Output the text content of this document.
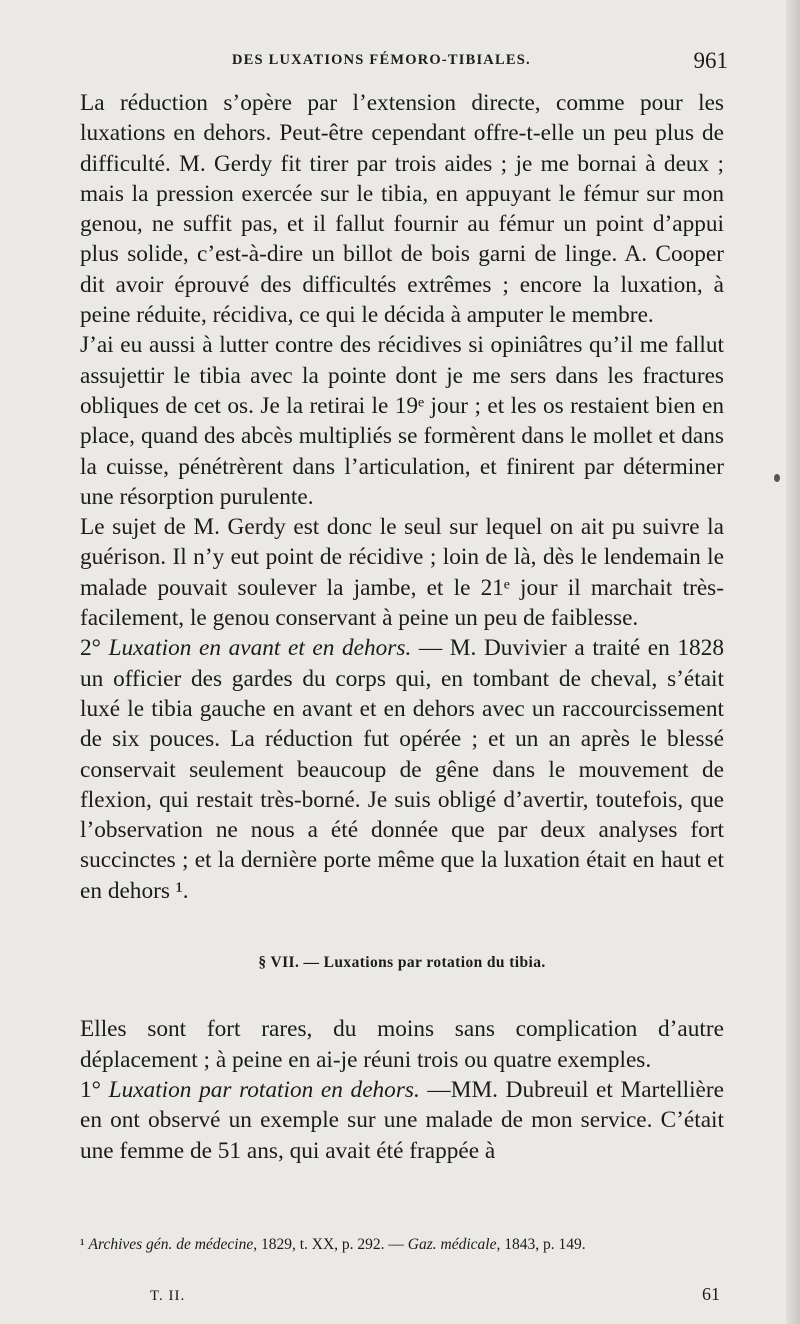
DES LUXATIONS FÉMORO-TIBIALES.	961

La réduction s’opère par l’extension directe, comme pour les luxations en dehors. Peut-être cependant offre-t-elle un peu plus de difficulté. M. Gerdy fit tirer par trois aides ; je me bornai à deux ; mais la pression exercée sur le tibia, en appuyant le fémur sur mon genou, ne suffit pas, et il fallut fournir au fémur un point d’appui plus solide, c’est-à-dire un billot de bois garni de linge. A. Cooper dit avoir éprouvé des difficultés extrêmes ; encore la luxation, à peine réduite, récidiva, ce qui le décida à amputer le membre.

J’ai eu aussi à lutter contre des récidives si opiniâtres qu’il me fallut assujettir le tibia avec la pointe dont je me sers dans les fractures obliques de cet os. Je la retirai le 19ᵉ jour ; et les os restaient bien en place, quand des abcès multipliés se formèrent dans le mollet et dans la cuisse, pénétrèrent dans l’articulation, et finirent par déterminer une résorption purulente.

Le sujet de M. Gerdy est donc le seul sur lequel on ait pu suivre la guérison. Il n’y eut point de récidive ; loin de là, dès le lendemain le malade pouvait soulever la jambe, et le 21ᵉ jour il marchait très-facilement, le genou conservant à peine un peu de faiblesse.

2° Luxation en avant et en dehors. — M. Duvivier a traité en 1828 un officier des gardes du corps qui, en tombant de cheval, s’était luxé le tibia gauche en avant et en dehors avec un raccourcissement de six pouces. La réduction fut opérée ; et un an après le blessé conservait seulement beaucoup de gêne dans le mouvement de flexion, qui restait très-borné. Je suis obligé d’avertir, toutefois, que l’observation ne nous a été donnée que par deux analyses fort succinctes ; et la dernière porte même que la luxation était en haut et en dehors ¹.

§ VII. — Luxations par rotation du tibia.

Elles sont fort rares, du moins sans complication d’autre déplacement ; à peine en ai-je réuni trois ou quatre exemples.

1° Luxation par rotation en dehors. —MM. Dubreuil et Martellière en ont observé un exemple sur une malade de mon service. C’était une femme de 51 ans, qui avait été frappée à

¹ Archives gén. de médecine, 1829, t. XX, p. 292. — Gaz. médicale, 1843, p. 149.
T. II.	61
